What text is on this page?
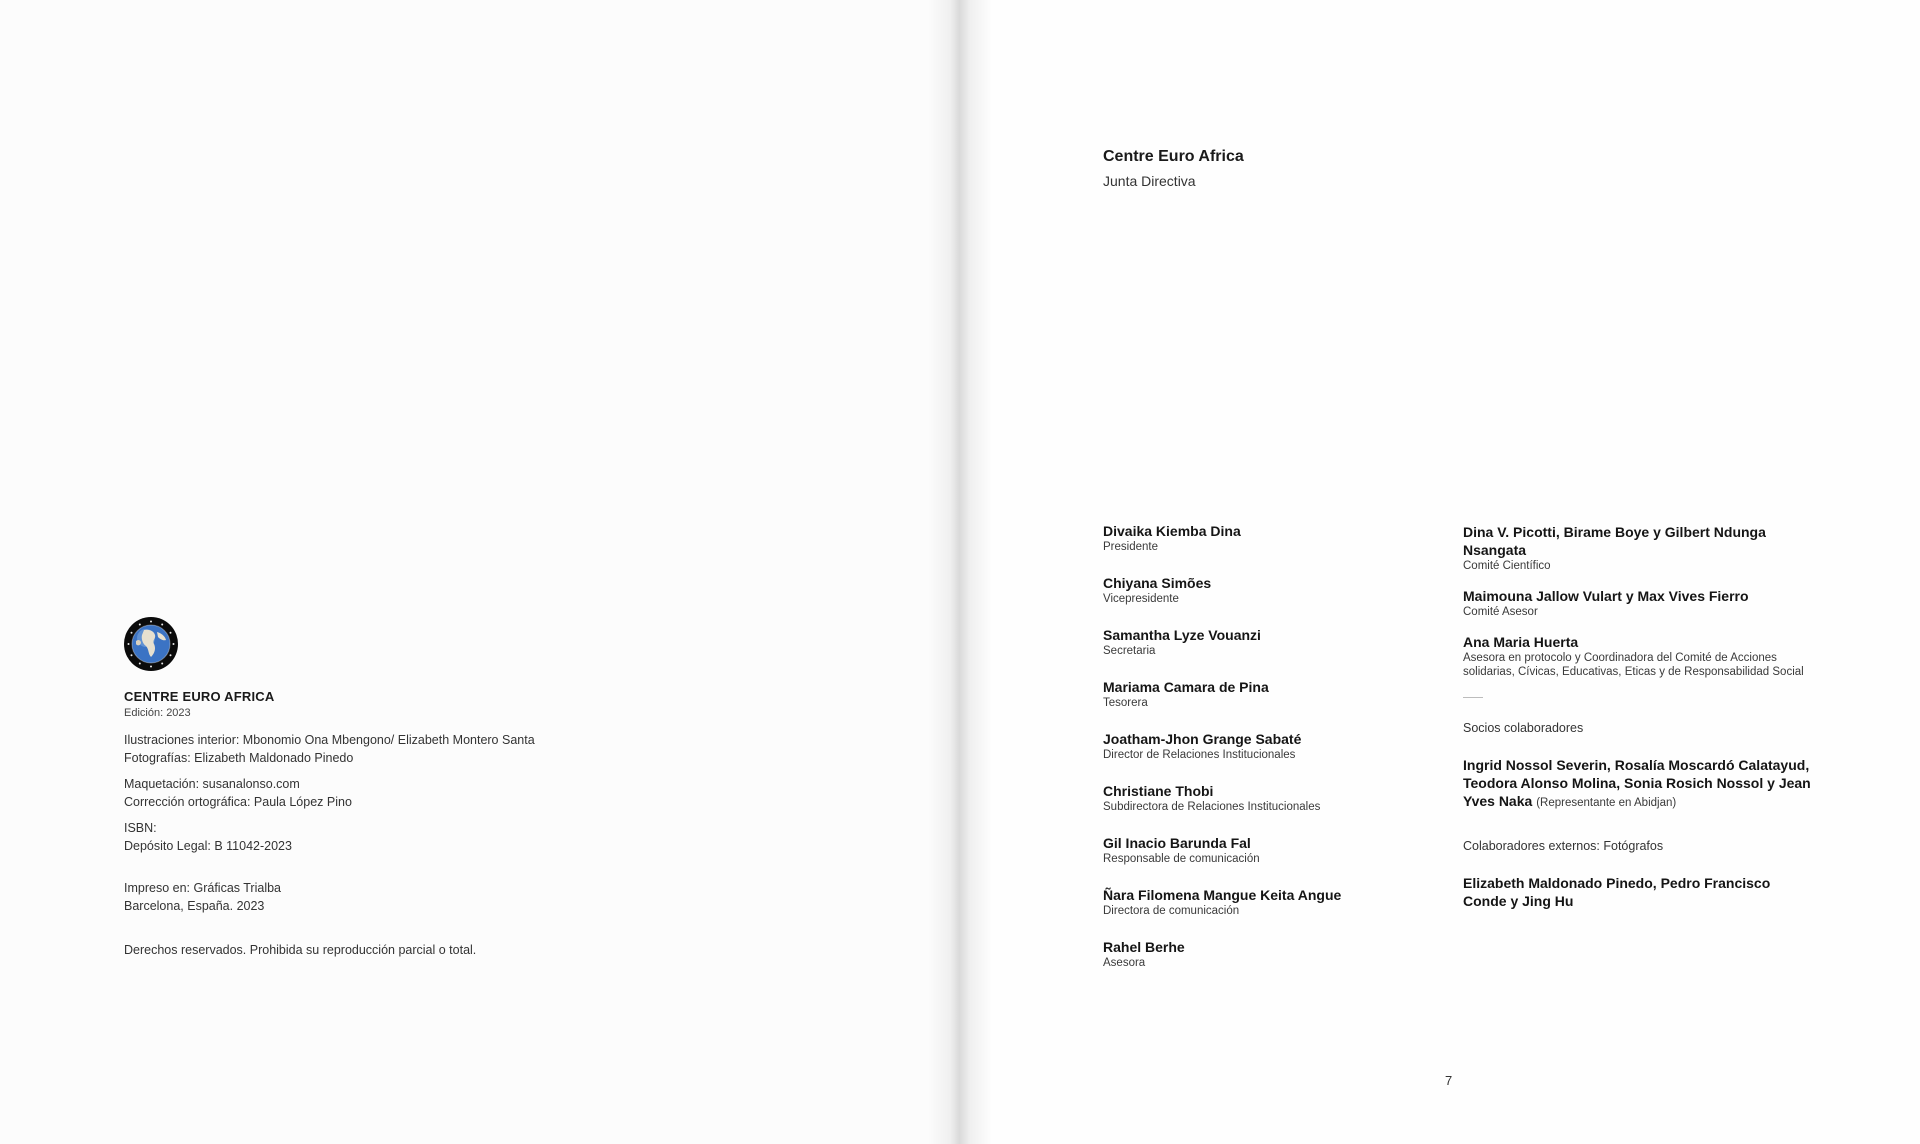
CENTRE EURO AFRICA
Edición: 2023
Ilustraciones interior: Mbonomio Ona Mbengono/ Elizabeth Montero Santa
Fotografías: Elizabeth Maldonado Pinedo
Maquetación: susanalonso.com
Corrección ortográfica: Paula López Pino
ISBN:
Depósito Legal: B 11042-2023
Impreso en: Gráficas Trialba
Barcelona, España. 2023
Derechos reservados. Prohibida su reproducción parcial o total.
Centre Euro Africa
Junta Directiva
Divaika Kiemba Dina
Presidente
Chiyana Simões
Vicepresidente
Samantha Lyze Vouanzi
Secretaria
Mariama Camara de Pina
Tesorera
Joatham-Jhon Grange Sabaté
Director de Relaciones Institucionales
Christiane Thobi
Subdirectora de Relaciones Institucionales
Gil Inacio Barunda Fal
Responsable de comunicación
Ñara Filomena Mangue Keita Angue
Directora de comunicación
Rahel Berhe
Asesora
Dina V. Picotti, Birame Boye y Gilbert Ndunga Nsangata
Comité Científico
Maimouna Jallow Vulart y Max Vives Fierro
Comité Asesor
Ana Maria Huerta
Asesora en protocolo y Coordinadora del Comité de Acciones solidarias, Cívicas, Educativas, Eticas y de Responsabilidad Social
Socios colaboradores
Ingrid Nossol Severin, Rosalía Moscardó Calatayud, Teodora Alonso Molina, Sonia Rosich Nossol y Jean Yves Naka (Representante en Abidjan)
Colaboradores externos: Fotógrafos
Elizabeth Maldonado Pinedo, Pedro Francisco Conde y Jing Hu
7
